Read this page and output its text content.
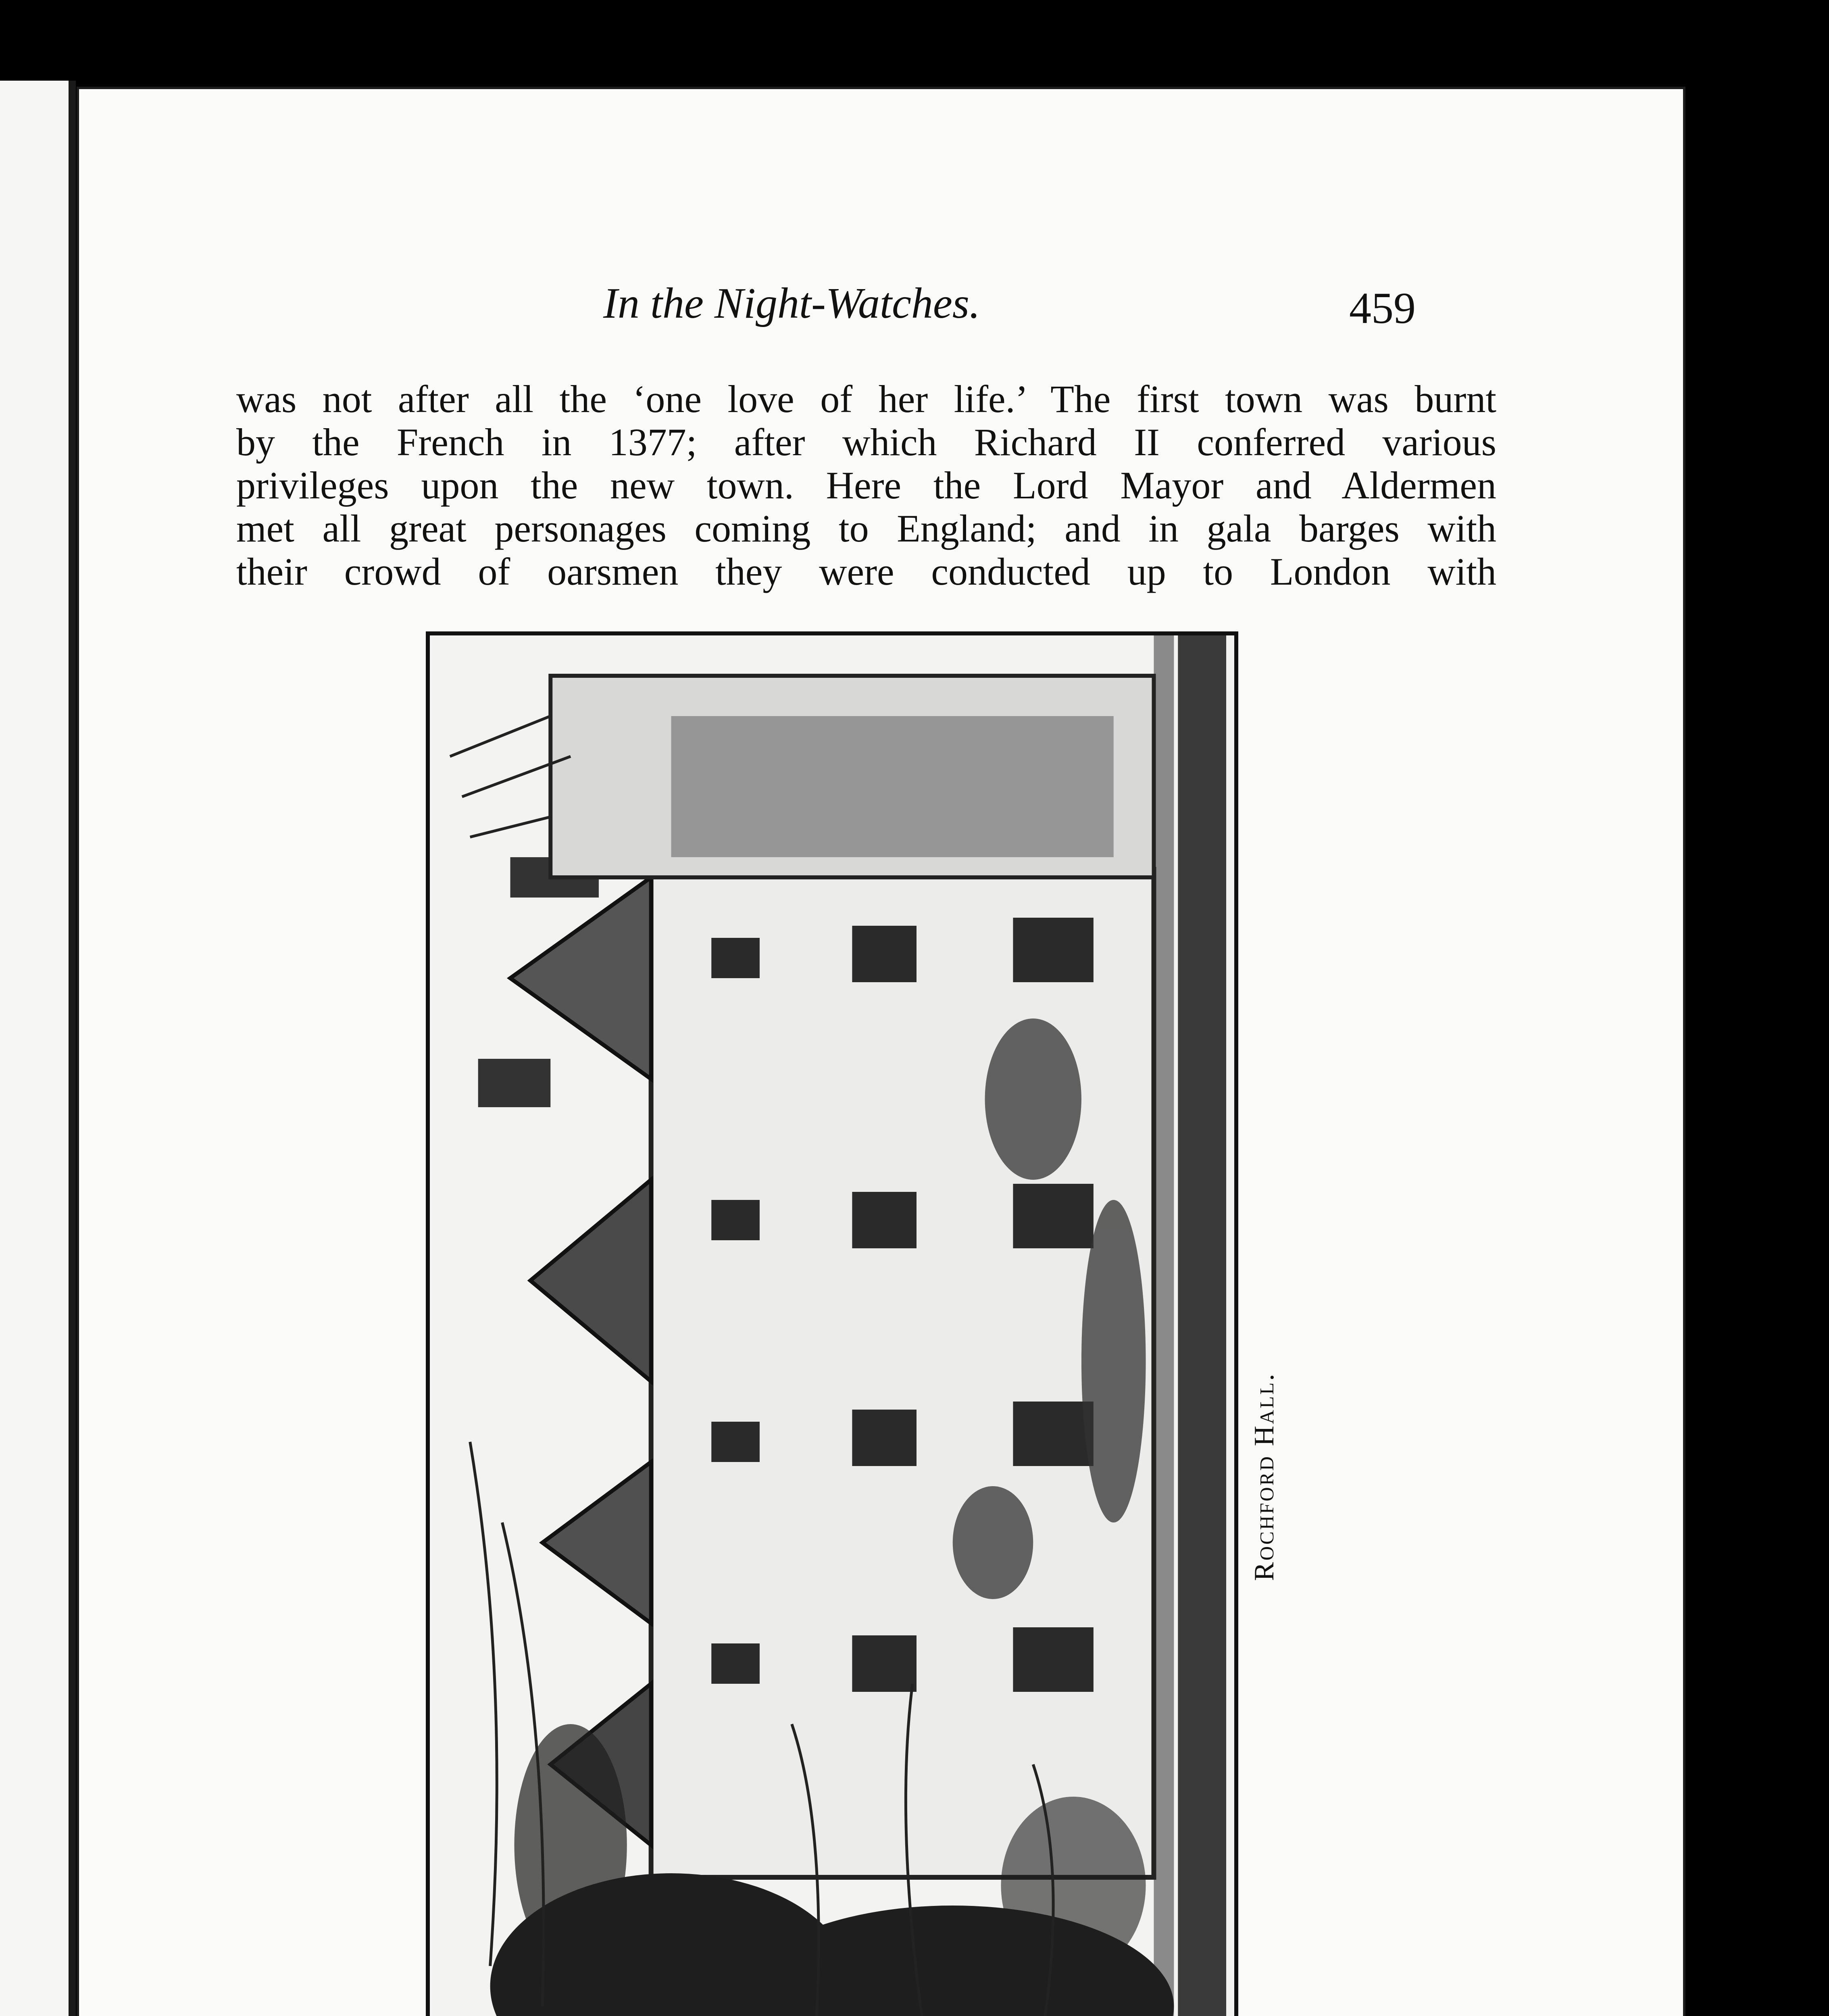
In the Night-Watches.	459

was not after all the ‘one love of her life.’ The first town was burnt
by the French in 1377; after which Richard II conferred various
privileges upon the new town. Here the Lord Mayor and Aldermen
met all great personages coming to England; and in gala barges with
their crowd of oarsmen they were conducted up to London with

Rochford Hall.
